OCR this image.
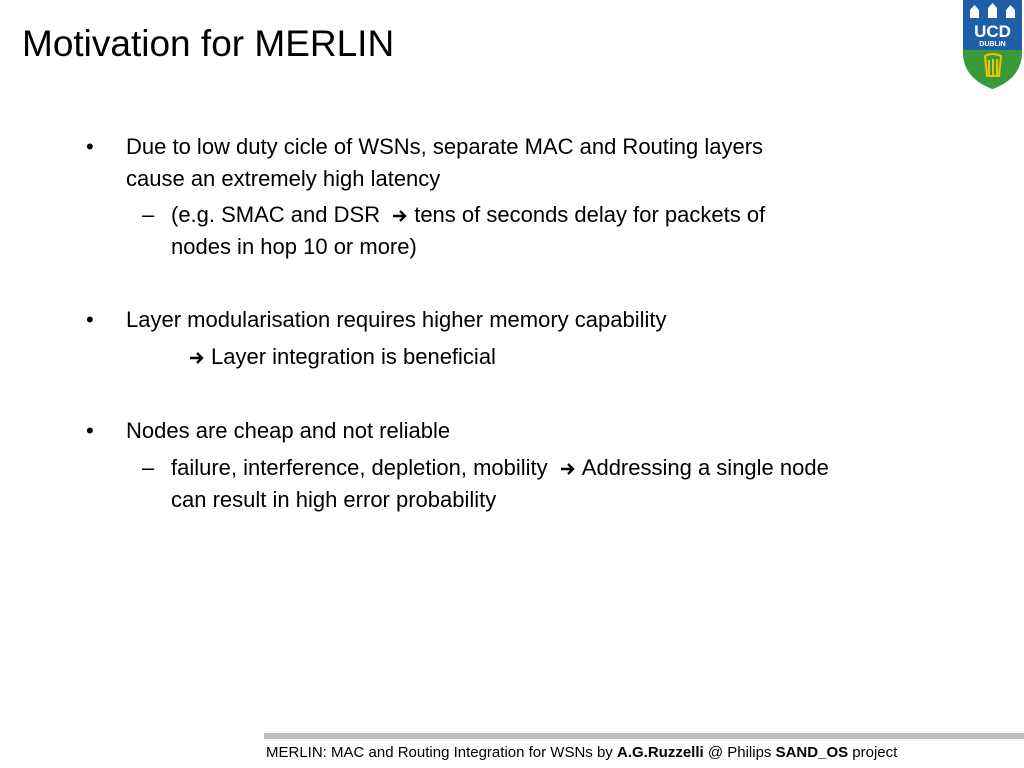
Motivation for MERLIN	UCD
DUBLIN
• Due to low duty cicle of WSNs, separate MAC and Routing layers
cause an extremely high latency
– (e.g. SMAC and DSR tens of seconds delay for packets of
nodes in hop 10 or more)
• Layer modularisation requires higher memory capability
Layer integration is beneficial
• Nodes are cheap and not reliable
– failure, interference, depletion, mobility Addressing a single node
can result in high error probability
MERLIN: MAC and Routing Integration for WSNs by A.G.Ruzzelli @ Philips SAND_OS project
